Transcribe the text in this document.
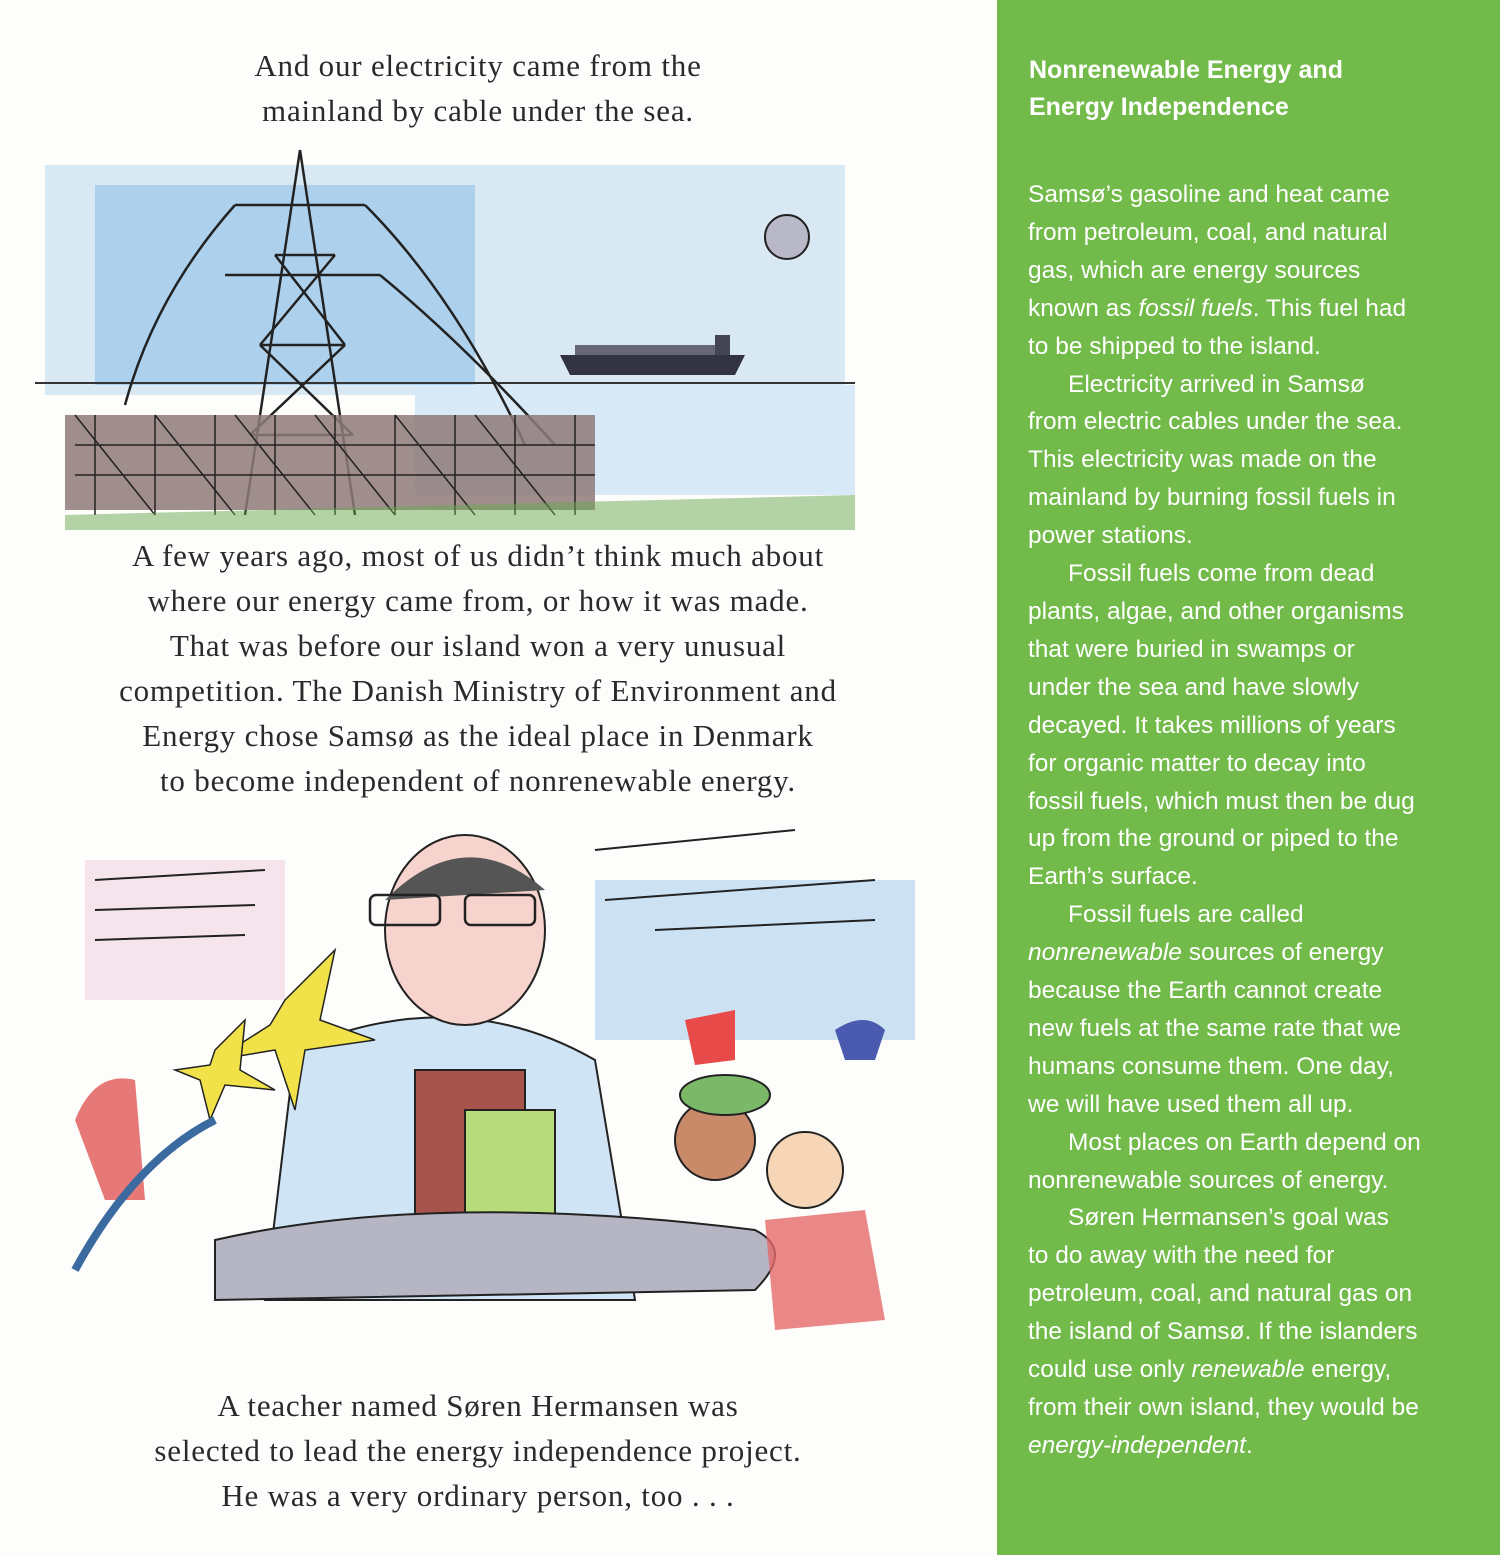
And our electricity came from the
mainland by cable under the sea.
A few years ago, most of us didn’t think much about
where our energy came from, or how it was made.
That was before our island won a very unusual
competition. The Danish Ministry of Environment and
Energy chose Samsø as the ideal place in Denmark
to become independent of nonrenewable energy.
A teacher named Søren Hermansen was
selected to lead the energy independence project.
He was a very ordinary person, too . . .
Nonrenewable Energy and
Energy Independence
Samsø’s gasoline and heat came
from petroleum, coal, and natural
gas, which are energy sources
known as fossil fuels. This fuel had
to be shipped to the island.
Electricity arrived in Samsø
from electric cables under the sea.
This electricity was made on the
mainland by burning fossil fuels in
power stations.
Fossil fuels come from dead
plants, algae, and other organisms
that were buried in swamps or
under the sea and have slowly
decayed. It takes millions of years
for organic matter to decay into
fossil fuels, which must then be dug
up from the ground or piped to the
Earth’s surface.
Fossil fuels are called
nonrenewable sources of energy
because the Earth cannot create
new fuels at the same rate that we
humans consume them. One day,
we will have used them all up.
Most places on Earth depend on
nonrenewable sources of energy.
Søren Hermansen’s goal was
to do away with the need for
petroleum, coal, and natural gas on
the island of Samsø. If the islanders
could use only renewable energy,
from their own island, they would be
energy-independent.
